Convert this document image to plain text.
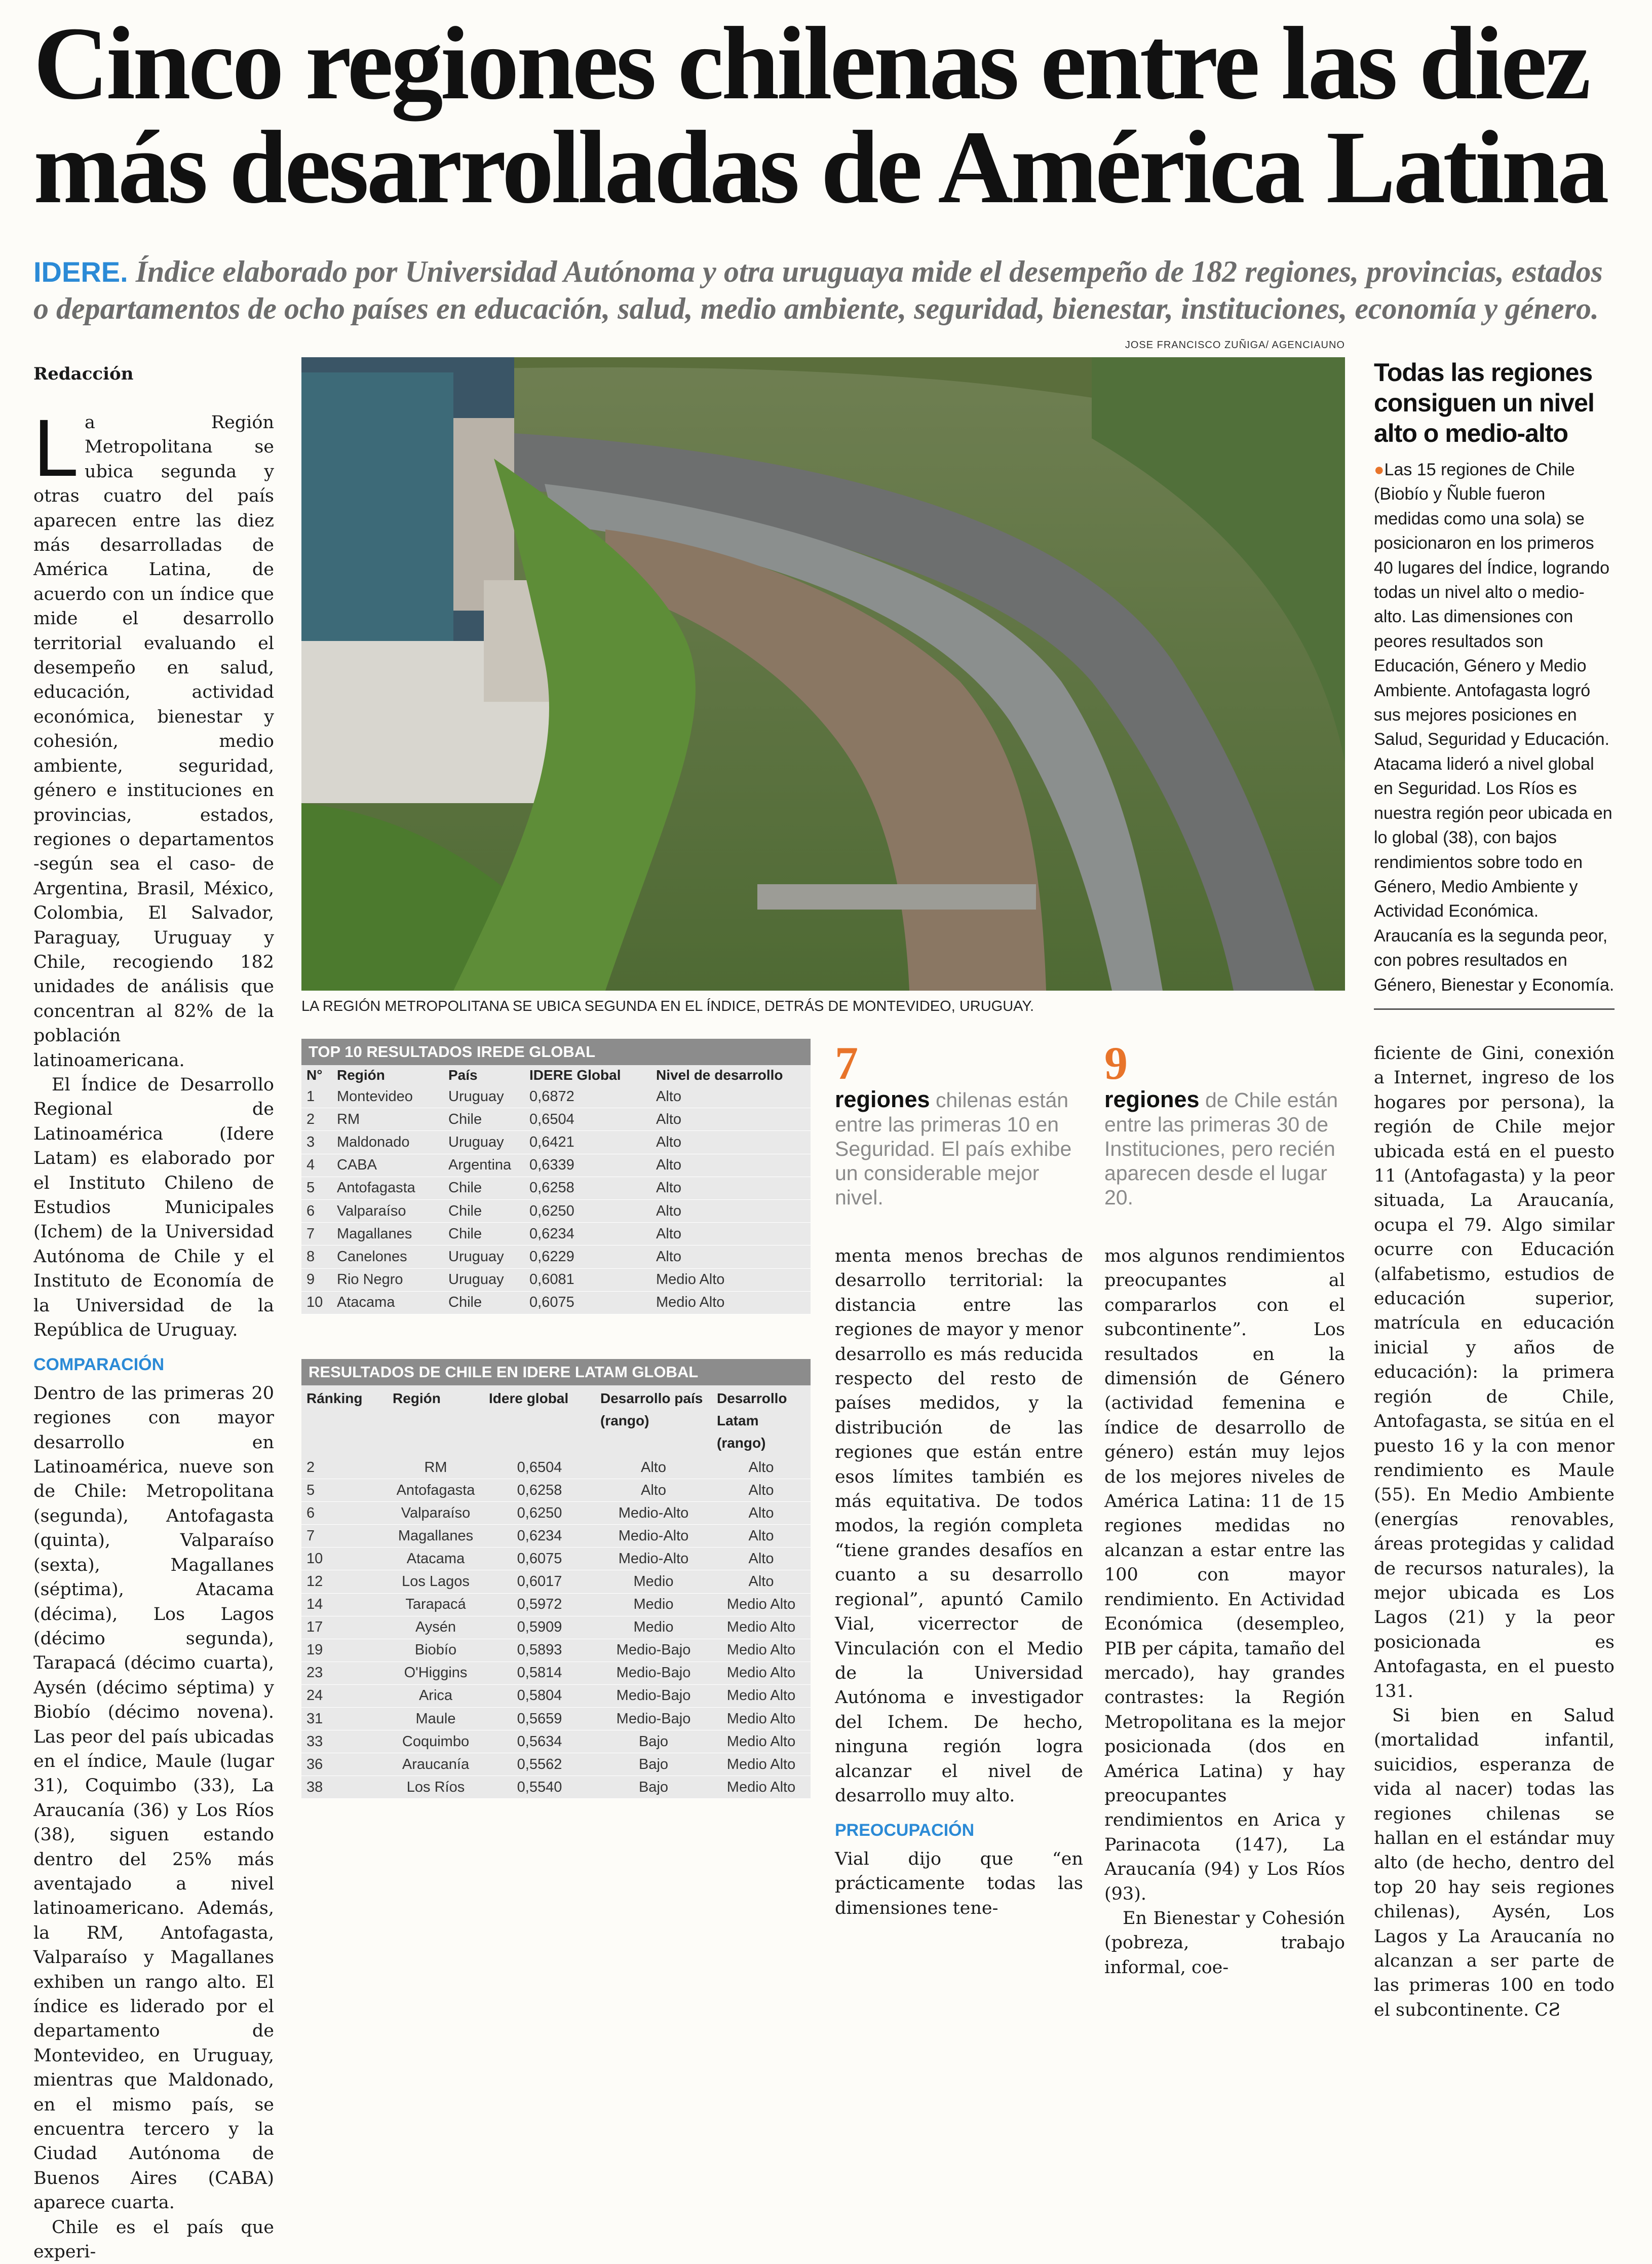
Cinco regiones chilenas entre las diez
más desarrolladas de América Latina
IDERE. Índice elaborado por Universidad Autónoma y otra uruguaya mide el desempeño de 182 regiones, provincias, estados o departamentos de ocho países en educación, salud, medio ambiente, seguridad, bienestar, instituciones, economía y género.
JOSE FRANCISCO ZUÑIGA/ AGENCIAUNO
LA REGIÓN METROPOLITANA SE UBICA SEGUNDA EN EL ÍNDICE, DETRÁS DE MONTEVIDEO, URUGUAY.
Redacción

La Región Metropolitana se ubica segunda y otras cuatro del país aparecen entre las diez más desarrolladas de América Latina, de acuerdo con un índice que mide el desarrollo territorial evaluando el desempeño en salud, educación, actividad económica, bienestar y cohesión, medio ambiente, seguridad, género e instituciones en provincias, estados, regiones o departamentos -según sea el caso- de Argentina, Brasil, México, Colombia, El Salvador, Paraguay, Uruguay y Chile, recogiendo 182 unidades de análisis que concentran al 82% de la población latinoamericana.

El Índice de Desarrollo Regional de Latinoamérica (Idere Latam) es elaborado por el Instituto Chileno de Estudios Municipales (Ichem) de la Universidad Autónoma de Chile y el Instituto de Economía de la Universidad de la República de Uruguay.

COMPARACIÓN

Dentro de las primeras 20 regiones con mayor desarrollo en Latinoamérica, nueve son de Chile: Metropolitana (segunda), Antofagasta (quinta), Valparaíso (sexta), Magallanes (séptima), Atacama (décima), Los Lagos (décimo segunda), Tarapacá (décimo cuarta), Aysén (décimo séptima) y Biobío (décimo novena). Las peor del país ubicadas en el índice, Maule (lugar 31), Coquimbo (33), La Araucanía (36) y Los Ríos (38), siguen estando dentro del 25% más aventajado a nivel latinoamericano. Además, la RM, Antofagasta, Valparaíso y Magallanes exhiben un rango alto. El índice es liderado por el departamento de Montevideo, en Uruguay, mientras que Maldonado, en el mismo país, se encuentra tercero y la Ciudad Autónoma de Buenos Aires (CABA) aparece cuarta.

Chile es el país que experi-

TOP 10 RESULTADOS IREDE GLOBAL
N°	Región	País	IDERE Global	Nivel de desarrollo
1	Montevideo	Uruguay	0,6872	Alto
2	RM	Chile	0,6504	Alto
3	Maldonado	Uruguay	0,6421	Alto
4	CABA	Argentina	0,6339	Alto
5	Antofagasta	Chile	0,6258	Alto
6	Valparaíso	Chile	0,6250	Alto
7	Magallanes	Chile	0,6234	Alto
8	Canelones	Uruguay	0,6229	Alto
9	Rio Negro	Uruguay	0,6081	Medio Alto
10	Atacama	Chile	0,6075	Medio Alto
RESULTADOS DE CHILE EN IDERE LATAM GLOBAL
Ránking	Región	Idere global	Desarrollo país (rango)	Desarrollo Latam (rango)
2	RM	0,6504	Alto	Alto
5	Antofagasta	0,6258	Alto	Alto
6	Valparaíso	0,6250	Medio-Alto	Alto
7	Magallanes	0,6234	Medio-Alto	Alto
10	Atacama	0,6075	Medio-Alto	Alto
12	Los Lagos	0,6017	Medio	Alto
14	Tarapacá	0,5972	Medio	Medio Alto
17	Aysén	0,5909	Medio	Medio Alto
19	Biobío	0,5893	Medio-Bajo	Medio Alto
23	O'Higgins	0,5814	Medio-Bajo	Medio Alto
24	Arica	0,5804	Medio-Bajo	Medio Alto
31	Maule	0,5659	Medio-Bajo	Medio Alto
33	Coquimbo	0,5634	Bajo	Medio Alto
36	Araucanía	0,5562	Bajo	Medio Alto
38	Los Ríos	0,5540	Bajo	Medio Alto
7
regiones chilenas están entre las primeras 10 en Seguridad. El país exhibe un considerable mejor nivel.
9
regiones de Chile están entre las primeras 30 de Instituciones, pero recién aparecen desde el lugar 20.

menta menos brechas de desarrollo territorial: la distancia entre las regiones de mayor y menor desarrollo es más reducida respecto del resto de países medidos, y la distribución de las regiones que están entre esos límites también es más equitativa. De todos modos, la región completa “tiene grandes desafíos en cuanto a su desarrollo regional”, apuntó Camilo Vial, vicerrector de Vinculación con el Medio de la Universidad Autónoma e investigador del Ichem. De hecho, ninguna región logra alcanzar el nivel de desarrollo muy alto.

PREOCUPACIÓN

Vial dijo que “en prácticamente todas las dimensiones tene-

mos algunos rendimientos preocupantes al compararlos con el subcontinente”. Los resultados en la dimensión de Género (actividad femenina e índice de desarrollo de género) están muy lejos de los mejores niveles de América Latina: 11 de 15 regiones medidas no alcanzan a estar entre las 100 con mayor rendimiento. En Actividad Económica (desempleo, PIB per cápita, tamaño del mercado), hay grandes contrastes: la Región Metropolitana es la mejor posicionada (dos en América Latina) y hay preocupantes rendimientos en Arica y Parinacota (147), La Araucanía (94) y Los Ríos (93).

En Bienestar y Cohesión (pobreza, trabajo informal, coe-

Todas las regiones consiguen un nivel alto o medio-alto
●Las 15 regiones de Chile (Biobío y Ñuble fueron medidas como una sola) se posicionaron en los primeros 40 lugares del Índice, logrando todas un nivel alto o medio-alto. Las dimensiones con peores resultados son Educación, Género y Medio Ambiente. Antofagasta logró sus mejores posiciones en Salud, Seguridad y Educación. Atacama lideró a nivel global en Seguridad. Los Ríos es nuestra región peor ubicada en lo global (38), con bajos rendimientos sobre todo en Género, Medio Ambiente y Actividad Económica. Araucanía es la segunda peor, con pobres resultados en Género, Bienestar y Economía.

ficiente de Gini, conexión a Internet, ingreso de los hogares por persona), la región de Chile mejor ubicada está en el puesto 11 (Antofagasta) y la peor situada, La Araucanía, ocupa el 79. Algo similar ocurre con Educación (alfabetismo, estudios de educación superior, matrícula en educación inicial y años de educación): la primera región de Chile, Antofagasta, se sitúa en el puesto 16 y la con menor rendimiento es Maule (55). En Medio Ambiente (energías renovables, áreas protegidas y calidad de recursos naturales), la mejor ubicada es Los Lagos (21) y la peor posicionada es Antofagasta, en el puesto 131.

Si bien en Salud (mortalidad infantil, suicidios, esperanza de vida al nacer) todas las regiones chilenas se hallan en el estándar muy alto (de hecho, dentro del top 20 hay seis regiones chilenas), Aysén, Los Lagos y La Araucanía no alcanzan a ser parte de las primeras 100 en todo el subcontinente. CƧ
